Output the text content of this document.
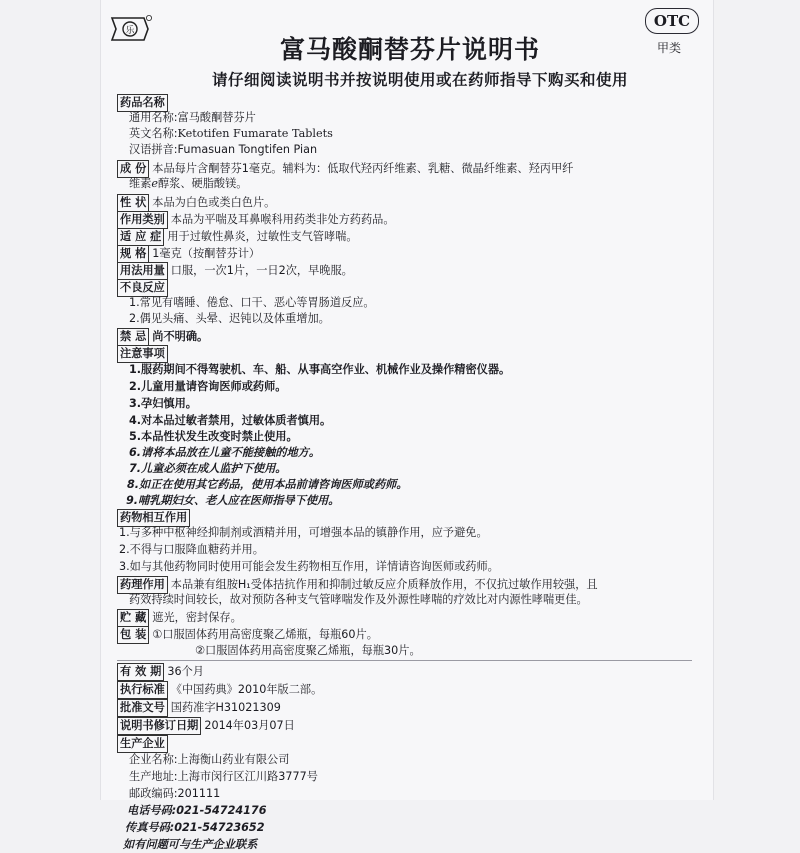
乐
OTC
甲类
富马酸酮替芬片说明书
请仔细阅读说明书并按说明使用或在药师指导下购买和使用
药品名称
通用名称:富马酸酮替芬片
英文名称:Ketotifen Fumarate Tablets
汉语拼音:Fumasuan Tongtifen Pian
成 份 本品每片含酮替芬1毫克。辅料为：低取代羟丙纤维素、乳糖、微晶纤维素、羟丙甲纤
维素ℯ醇浆、硬脂酸镁。
性 状 本品为白色或类白色片。
作用类别 本品为平喘及耳鼻喉科用药类非处方药药品。
适 应 症 用于过敏性鼻炎，过敏性支气管哮喘。
规 格 1毫克（按酮替芬计）
用法用量 口服，一次1片，一日2次，早晚服。
不良反应
1.常见有嗜睡、倦怠、口干、恶心等胃肠道反应。
2.偶见头痛、头晕、迟钝以及体重增加。
禁 忌 尚不明确。
注意事项
1.服药期间不得驾驶机、车、船、从事高空作业、机械作业及操作精密仪器。
2.儿童用量请咨询医师或药师。
3.孕妇慎用。
4.对本品过敏者禁用，过敏体质者慎用。
5.本品性状发生改变时禁止使用。
6.请将本品放在儿童不能接触的地方。
7.儿童必须在成人监护下使用。
8.如正在使用其它药品，使用本品前请咨询医师或药师。
9.哺乳期妇女、老人应在医师指导下使用。
药物相互作用
1.与多种中枢神经抑制剂或酒精并用，可增强本品的镇静作用，应予避免。
2.不得与口服降血糖药并用。
3.如与其他药物同时使用可能会发生药物相互作用，详情请咨询医师或药师。
药理作用 本品兼有组胺H₁受体拮抗作用和抑制过敏反应介质释放作用，不仅抗过敏作用较强，且
药效持续时间较长，故对预防各种支气管哮喘发作及外源性哮喘的疗效比对内源性哮喘更佳。
贮 藏 遮光，密封保存。
包 装 ①口服固体药用高密度聚乙烯瓶，每瓶60片。
②口服固体药用高密度聚乙烯瓶，每瓶30片。
有 效 期 36个月
执行标准 《中国药典》2010年版二部。
批准文号 国药准字H31021309
说明书修订日期 2014年03月07日
生产企业
企业名称:上海衡山药业有限公司
生产地址:上海市闵行区江川路3777号
邮政编码:201111
电话号码:021-54724176
传真号码:021-54723652
如有问题可与生产企业联系
